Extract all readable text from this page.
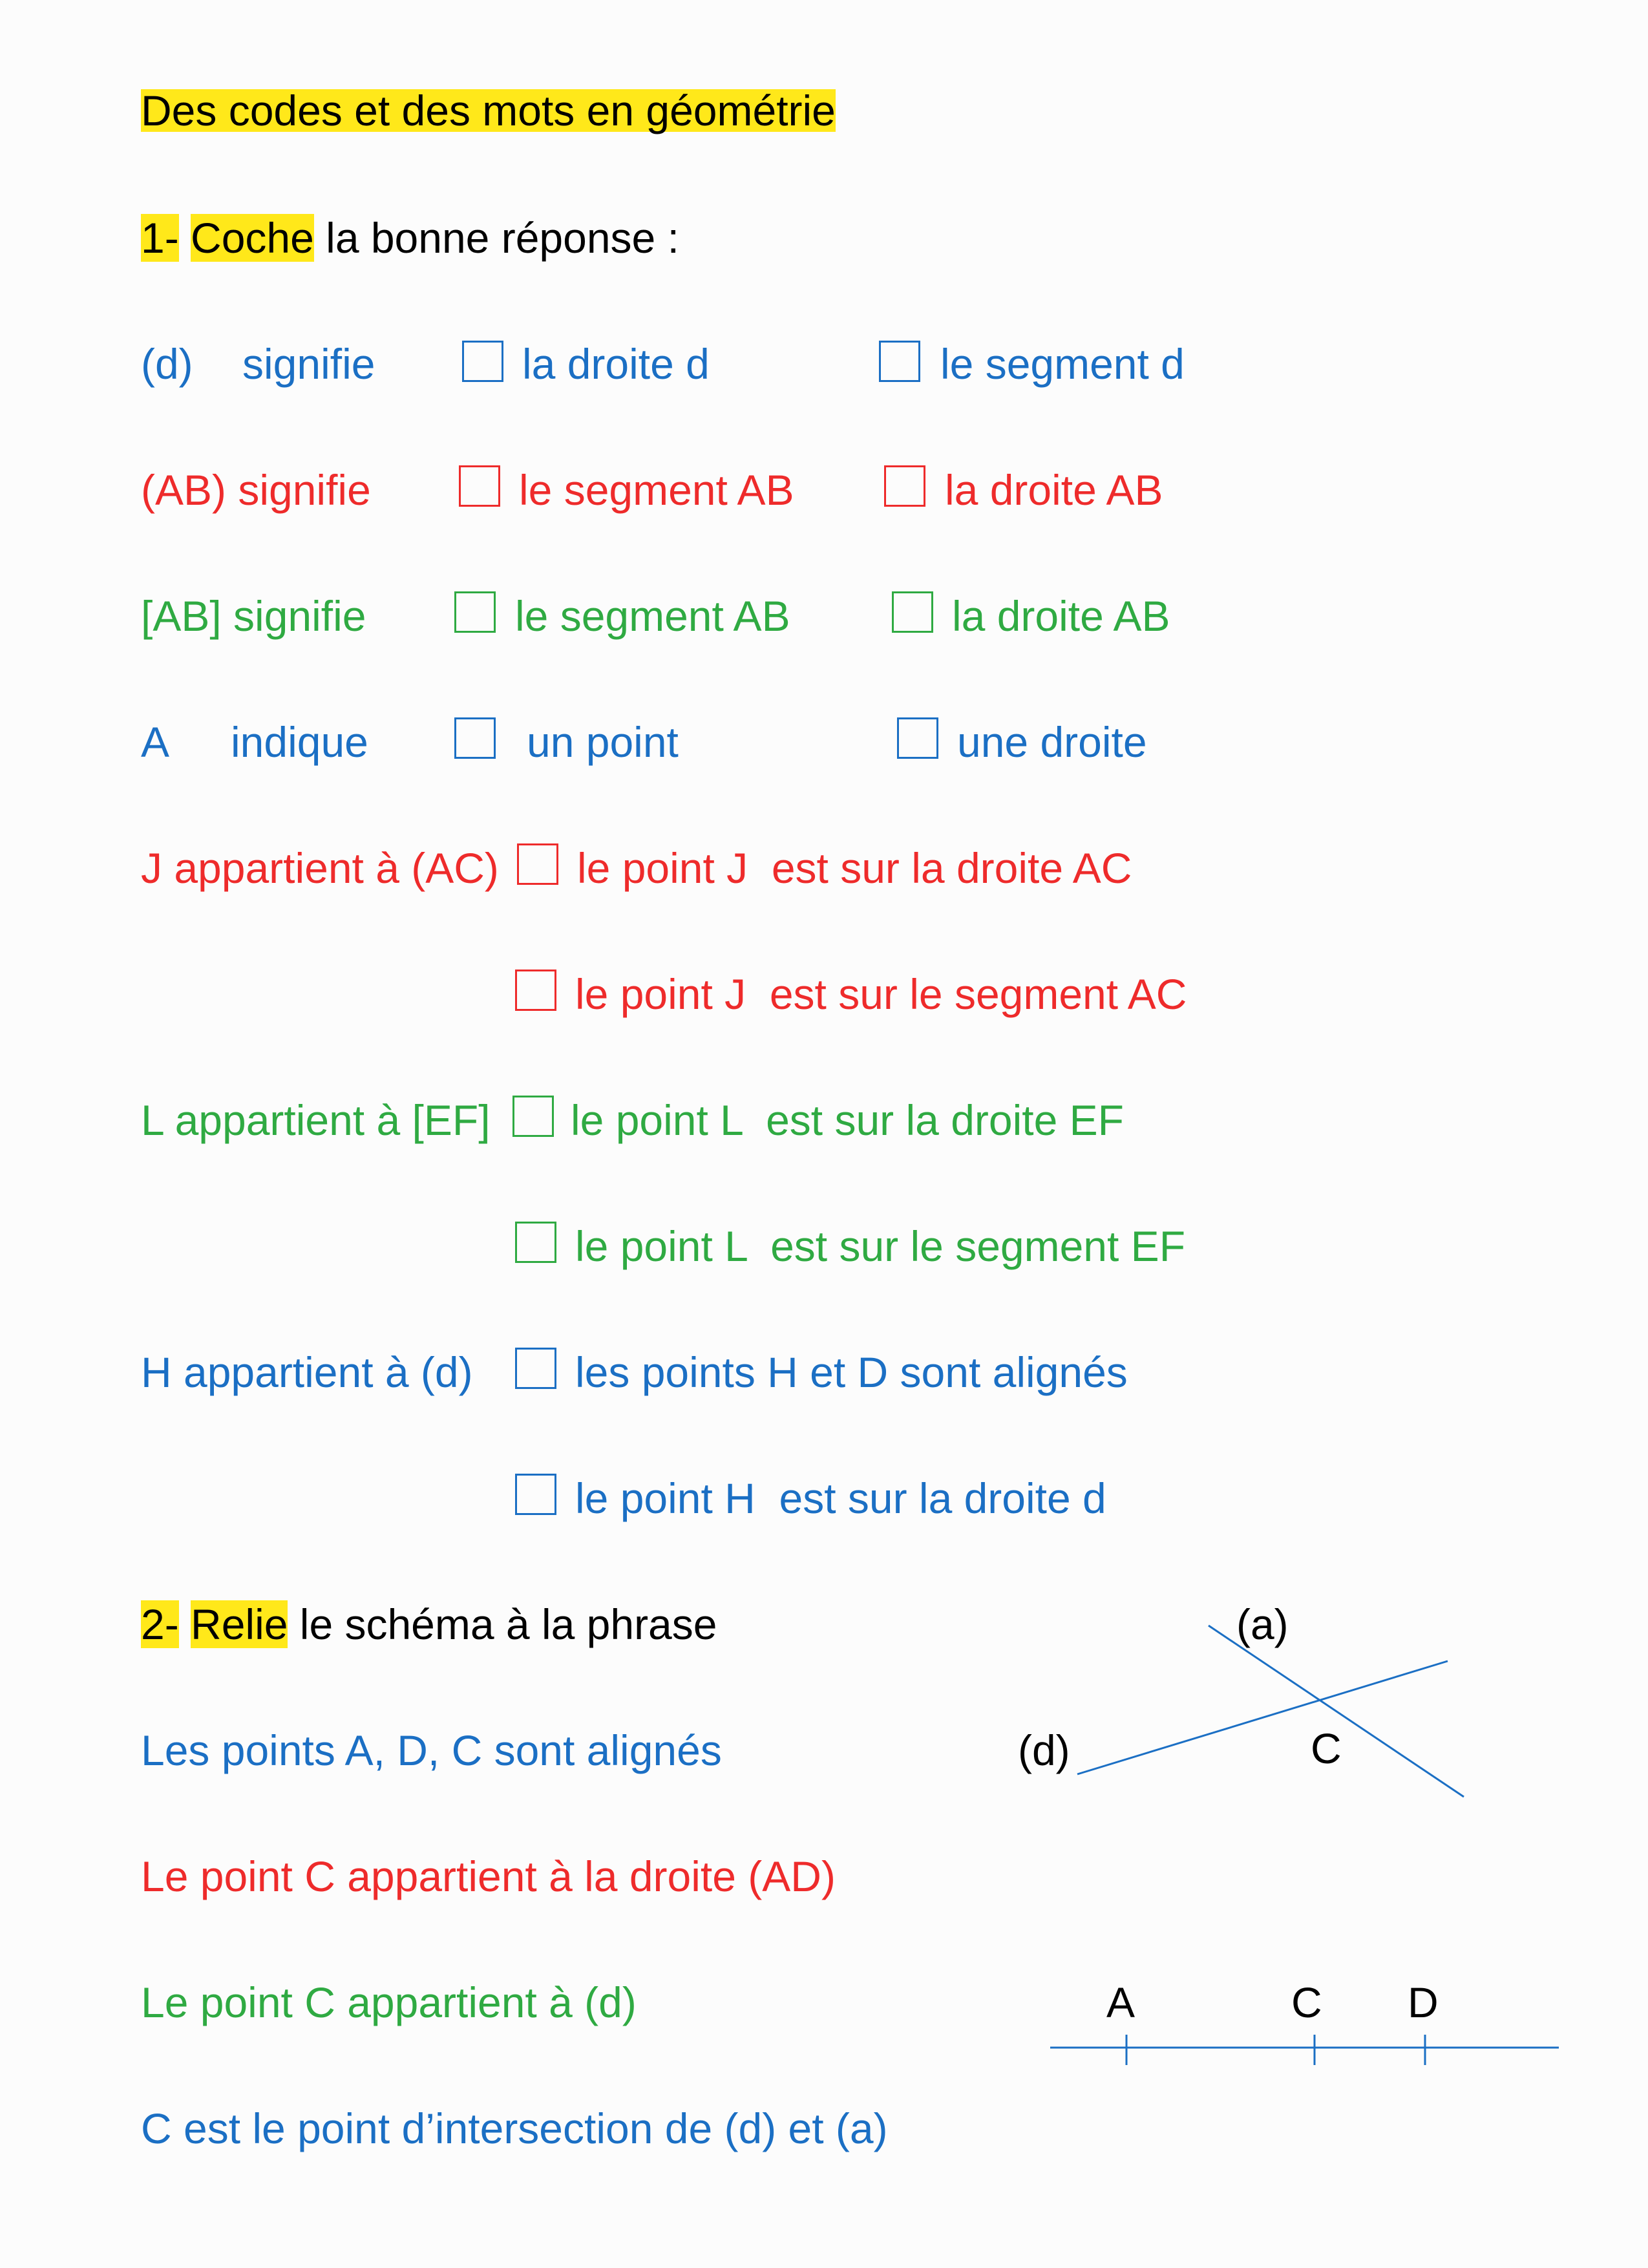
Des codes et des mots en géométrie
1- Coche la bonne réponse :
(d) signifie	la droite d	le segment d
(AB) signifie	le segment AB	la droite AB
[AB] signifie	le segment AB	la droite AB
A indique	un point	une droite
J appartient à (AC) le point J  est sur la droite AC
le point J  est sur le segment AC
L appartient à [EF] le point L  est sur la droite EF
le point L  est sur le segment EF
H appartient à (d) les points H et D sont alignés
le point H  est sur la droite d
2- Relie le schéma à la phrase
Les points A, D, C sont alignés
Le point C appartient à la droite (AD)
Le point C appartient à (d)
C est le point d’intersection de (d) et (a)
(a)
(d)	C
A	C D
